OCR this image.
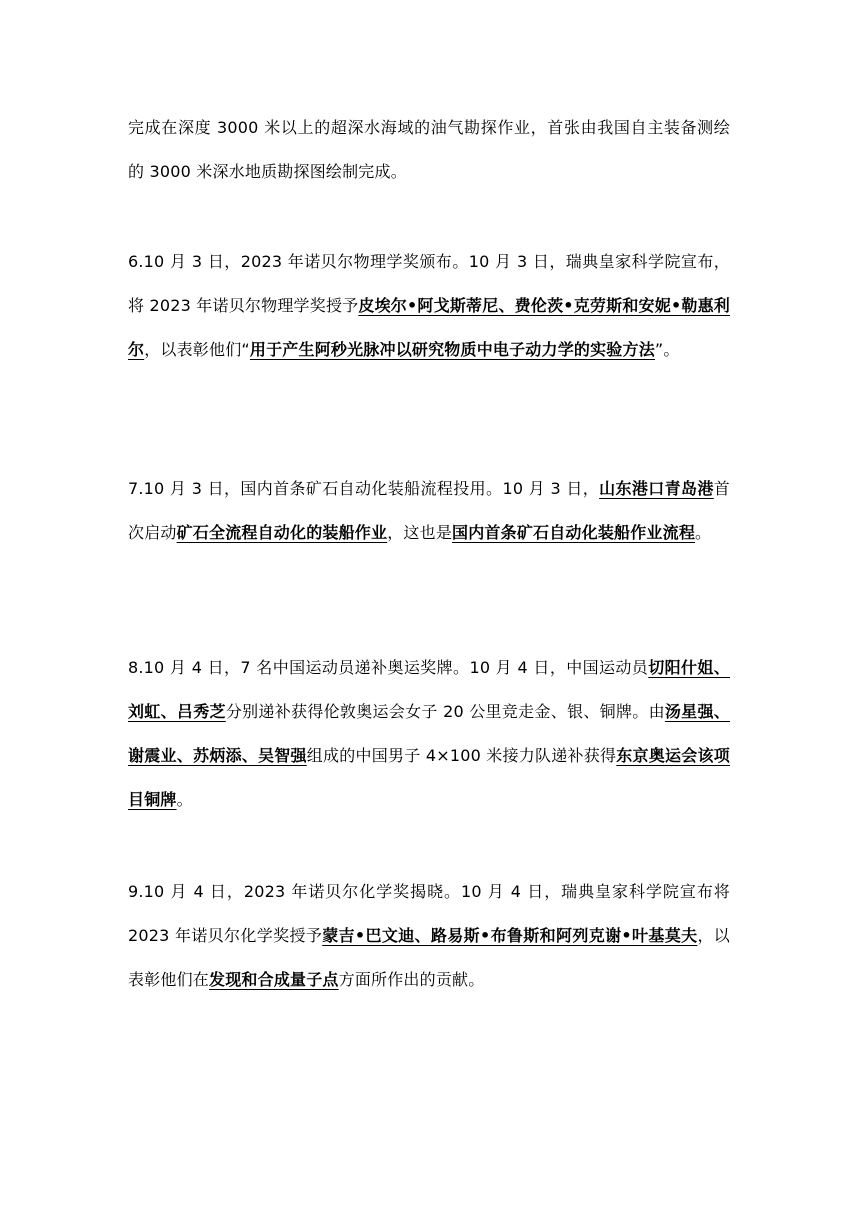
完成在深度 3000 米以上的超深水海域的油气勘探作业，首张由我国自主装备测绘的 3000 米深水地质勘探图绘制完成。

6.10 月 3 日，2023 年诺贝尔物理学奖颁布。10 月 3 日，瑞典皇家科学院宣布，将 2023 年诺贝尔物理学奖授予皮埃尔•阿戈斯蒂尼、费伦茨•克劳斯和安妮•勒惠利尔，以表彰他们“用于产生阿秒光脉冲以研究物质中电子动力学的实验方法”。

7.10 月 3 日，国内首条矿石自动化装船流程投用。10 月 3 日，山东港口青岛港首次启动矿石全流程自动化的装船作业，这也是国内首条矿石自动化装船作业流程。

8.10 月 4 日，7 名中国运动员递补奥运奖牌。10 月 4 日，中国运动员切阳什姐、刘虹、吕秀芝分别递补获得伦敦奥运会女子 20 公里竞走金、银、铜牌。由汤星强、谢震业、苏炳添、吴智强组成的中国男子 4×100 米接力队递补获得东京奥运会该项目铜牌。

9.10 月 4 日，2023 年诺贝尔化学奖揭晓。10 月 4 日，瑞典皇家科学院宣布将 2023 年诺贝尔化学奖授予蒙吉•巴文迪、路易斯•布鲁斯和阿列克谢•叶基莫夫，以表彰他们在发现和合成量子点方面所作出的贡献。
